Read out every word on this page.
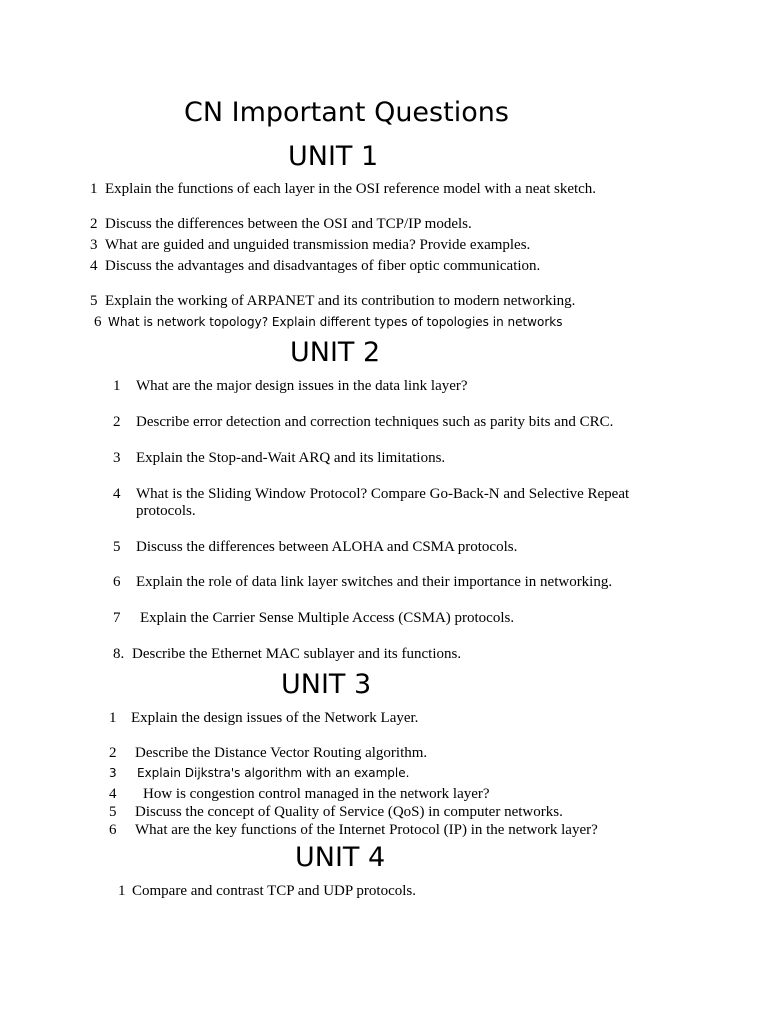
CN Important Questions
UNIT 1
1 Explain the functions of each layer in the OSI reference model with a neat sketch.
2 Discuss the differences between the OSI and TCP/IP models.
3 What are guided and unguided transmission media? Provide examples.
4 Discuss the advantages and disadvantages of fiber optic communication.
5 Explain the working of ARPANET and its contribution to modern networking.
6 What is network topology? Explain different types of topologies in networks
UNIT 2
1 What are the major design issues in the data link layer?
2 Describe error detection and correction techniques such as parity bits and CRC.
3 Explain the Stop-and-Wait ARQ and its limitations.
4 What is the Sliding Window Protocol? Compare Go-Back-N and Selective Repeat
protocols.
5 Discuss the differences between ALOHA and CSMA protocols.
6 Explain the role of data link layer switches and their importance in networking.
7 Explain the Carrier Sense Multiple Access (CSMA) protocols.
8. Describe the Ethernet MAC sublayer and its functions.
UNIT 3
1 Explain the design issues of the Network Layer.
2 Describe the Distance Vector Routing algorithm.
3 Explain Dijkstra's algorithm with an example.
4 How is congestion control managed in the network layer?
5 Discuss the concept of Quality of Service (QoS) in computer networks.
6 What are the key functions of the Internet Protocol (IP) in the network layer?
UNIT 4
1 Compare and contrast TCP and UDP protocols.
